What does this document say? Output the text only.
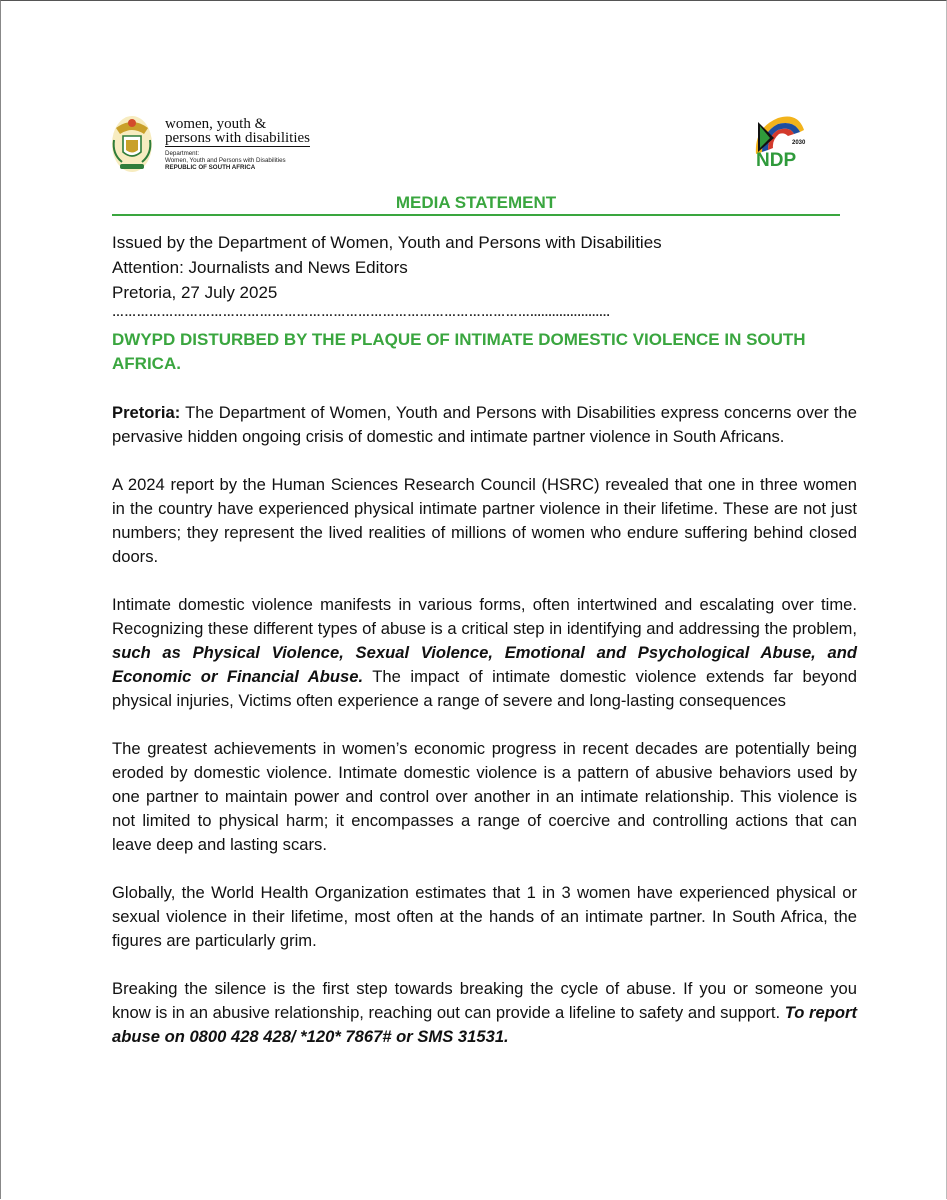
women, youth &
persons with disabilities
Department:
Women, Youth and Persons with Disabilities
REPUBLIC OF SOUTH AFRICA
2030
NDP
MEDIA STATEMENT
Issued by the Department of Women, Youth and Persons with Disabilities
Attention: Journalists and News Editors
Pretoria, 27 July 2025
…………………………………………………………………………………………......................
DWYPD DISTURBED BY THE PLAQUE OF INTIMATE DOMESTIC VIOLENCE IN SOUTH AFRICA.

Pretoria: The Department of Women, Youth and Persons with Disabilities express concerns over the pervasive hidden ongoing crisis of domestic and intimate partner violence in South Africans.

A 2024 report by the Human Sciences Research Council (HSRC) revealed that one in three women in the country have experienced physical intimate partner violence in their lifetime. These are not just numbers; they represent the lived realities of millions of women who endure suffering behind closed doors.

Intimate domestic violence manifests in various forms, often intertwined and escalating over time. Recognizing these different types of abuse is a critical step in identifying and addressing the problem, such as Physical Violence, Sexual Violence, Emotional and Psychological Abuse, and Economic or Financial Abuse. The impact of intimate domestic violence extends far beyond physical injuries, Victims often experience a range of severe and long-lasting consequences

The greatest achievements in women’s economic progress in recent decades are potentially being eroded by domestic violence. Intimate domestic violence is a pattern of abusive behaviors used by one partner to maintain power and control over another in an intimate relationship. This violence is not limited to physical harm; it encompasses a range of coercive and controlling actions that can leave deep and lasting scars.

Globally, the World Health Organization estimates that 1 in 3 women have experienced physical or sexual violence in their lifetime, most often at the hands of an intimate partner. In South Africa, the figures are particularly grim.

Breaking the silence is the first step towards breaking the cycle of abuse. If you or someone you know is in an abusive relationship, reaching out can provide a lifeline to safety and support. To report abuse on 0800 428 428/ *120* 7867# or SMS 31531.
